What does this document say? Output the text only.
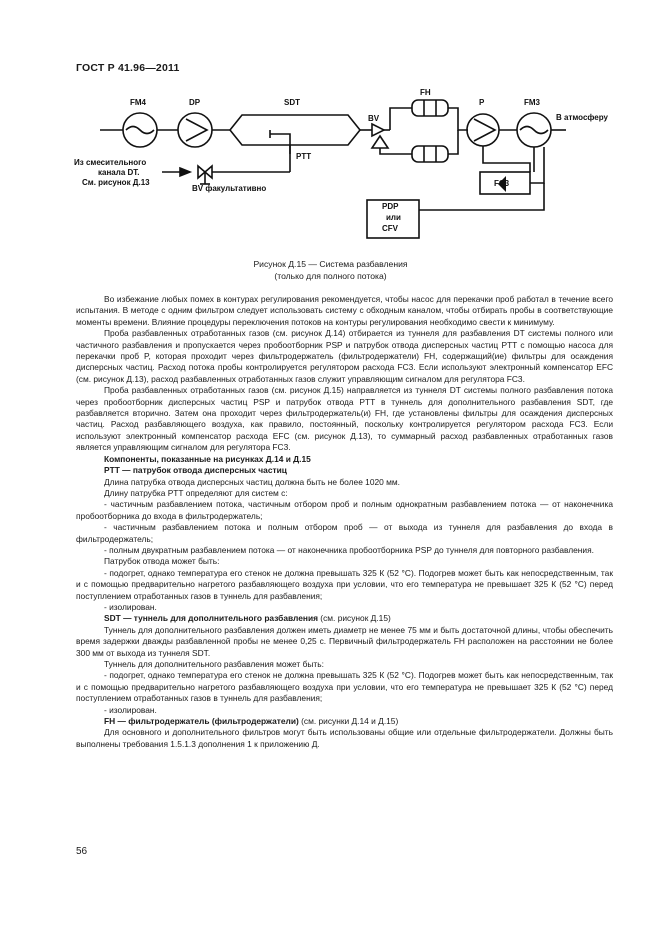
ГОСТ Р 41.96—2011
FM4	DP	SDT
FH
P	FM3
BV
PTT
FC3
В атмосферу
Из смесительного
канала DT.
См. рисунок Д.13
BV факультативно
PDP
или
CFV
Рисунок Д.15 — Система разбавления
(только для полного потока)

Во избежание любых помех в контурах регулирования рекомендуется, чтобы насос для перекачки проб работал в течение всего испытания. В методе с одним фильтром следует использовать систему с обходным каналом, чтобы отбирать пробы в соответствующие моменты времени. Влияние процедуры переключения потоков на контуры регулирования необходимо свести к минимуму.

Проба разбавленных отработанных газов (см. рисунок Д.14) отбирается из туннеля для разбавления DT системы полного или частичного разбавления и пропускается через пробоотборник PSP и патрубок отвода дисперсных частиц PTT с помощью насоса для перекачки проб P, которая проходит через фильтродержатель (фильтродержатели) FH, содержащий(ие) фильтры для осаждения дисперсных частиц. Расход потока пробы контролируется регулятором расхода FC3. Если используют электронный компенсатор EFC (см. рисунок Д.13), расход разбавленных отработанных газов служит управляющим сигналом для регулятора FC3.

Проба разбавленных отработанных газов (см. рисунок Д.15) направляется из туннеля DT системы полного разбавления потока через пробоотборник дисперсных частиц PSP и патрубок отвода PTT в туннель для дополнительного разбавления SDT, где разбавляется вторично. Затем она проходит через фильтродержатель(и) FH, где установлены фильтры для осаждения дисперсных частиц. Расход разбавляющего воздуха, как правило, постоянный, поскольку контролируется регулятором расхода FC3. Если используют электронный компенсатор расхода EFC (см. рисунок Д.13), то суммарный расход разбавленных отработанных газов является управляющим сигналом для регулятора FC3.

Компоненты, показанные на рисунках Д.14 и Д.15

PTT — патрубок отвода дисперсных частиц

Длина патрубка отвода дисперсных частиц должна быть не более 1020 мм.

Длину патрубка PTT определяют для систем с:

- частичным разбавлением потока, частичным отбором проб и полным однократным разбавлением потока — от наконечника пробоотборника до входа в фильтродержатель;

- частичным разбавлением потока и полным отбором проб — от выхода из туннеля для разбавления до входа в фильтродержатель;

- полным двукратным разбавлением потока — от наконечника пробоотборника PSP до туннеля для повторного разбавления.

Патрубок отвода может быть:

- подогрет, однако температура его стенок не должна превышать 325 К (52 °С). Подогрев может быть как непосредственным, так и с помощью предварительно нагретого разбавляющего воздуха при условии, что его температура не превышает 325 К (52 °С) перед поступлением отработанных газов в туннель для разбавления;

- изолирован.

SDT — туннель для дополнительного разбавления (см. рисунок Д.15)

Туннель для дополнительного разбавления должен иметь диаметр не менее 75 мм и быть достаточной длины, чтобы обеспечить время задержки дважды разбавленной пробы не менее 0,25 с. Первичный фильтродержатель FH расположен на расстоянии не более 300 мм от выхода из туннеля SDT.

Туннель для дополнительного разбавления может быть:

- подогрет, однако температура его стенок не должна превышать 325 К (52 °С). Подогрев может быть как непосредственным, так и с помощью предварительно нагретого разбавляющего воздуха при условии, что его температура не превышает 325 К (52 °С) перед поступлением отработанных газов в туннель для разбавления;

- изолирован.

FH — фильтродержатель (фильтродержатели) (см. рисунки Д.14 и Д.15)

Для основного и дополнительного фильтров могут быть использованы общие или отдельные фильтродержатели. Должны быть выполнены требования 1.5.1.3 дополнения 1 к приложению Д.

56
